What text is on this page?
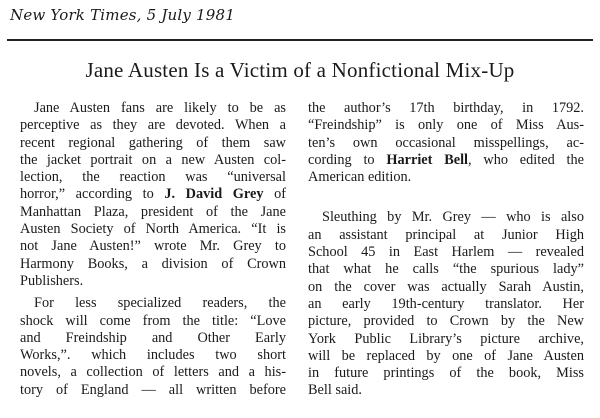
New York Times, 5 July 1981
Jane Austen Is a Victim of a Nonfictional Mix-Up
Jane Austen fans are likely to be as
perceptive as they are devoted. When a
recent regional gathering of them saw
the jacket portrait on a new Austen col-
lection, the reaction was “universal
horror,” according to J. David Grey of
Manhattan Plaza, president of the Jane
Austen Society of North America. “It is
not Jane Austen!” wrote Mr. Grey to
Harmony Books, a division of Crown
Publishers.
For less specialized readers, the
shock will come from the title: “Love
and Freindship and Other Early
Works,”. which includes two short
novels, a collection of letters and a his-
tory of England — all written before
the author’s 17th birthday, in 1792.
“Freindship” is only one of Miss Aus-
ten’s own occasional misspellings, ac-
cording to Harriet Bell, who edited the
American edition.
Sleuthing by Mr. Grey — who is also
an assistant principal at Junior High
School 45 in East Harlem — revealed
that what he calls “the spurious lady”
on the cover was actually Sarah Austin,
an early 19th-century translator. Her
picture, provided to Crown by the New
York Public Library’s picture archive,
will be replaced by one of Jane Austen
in future printings of the book, Miss
Bell said.
